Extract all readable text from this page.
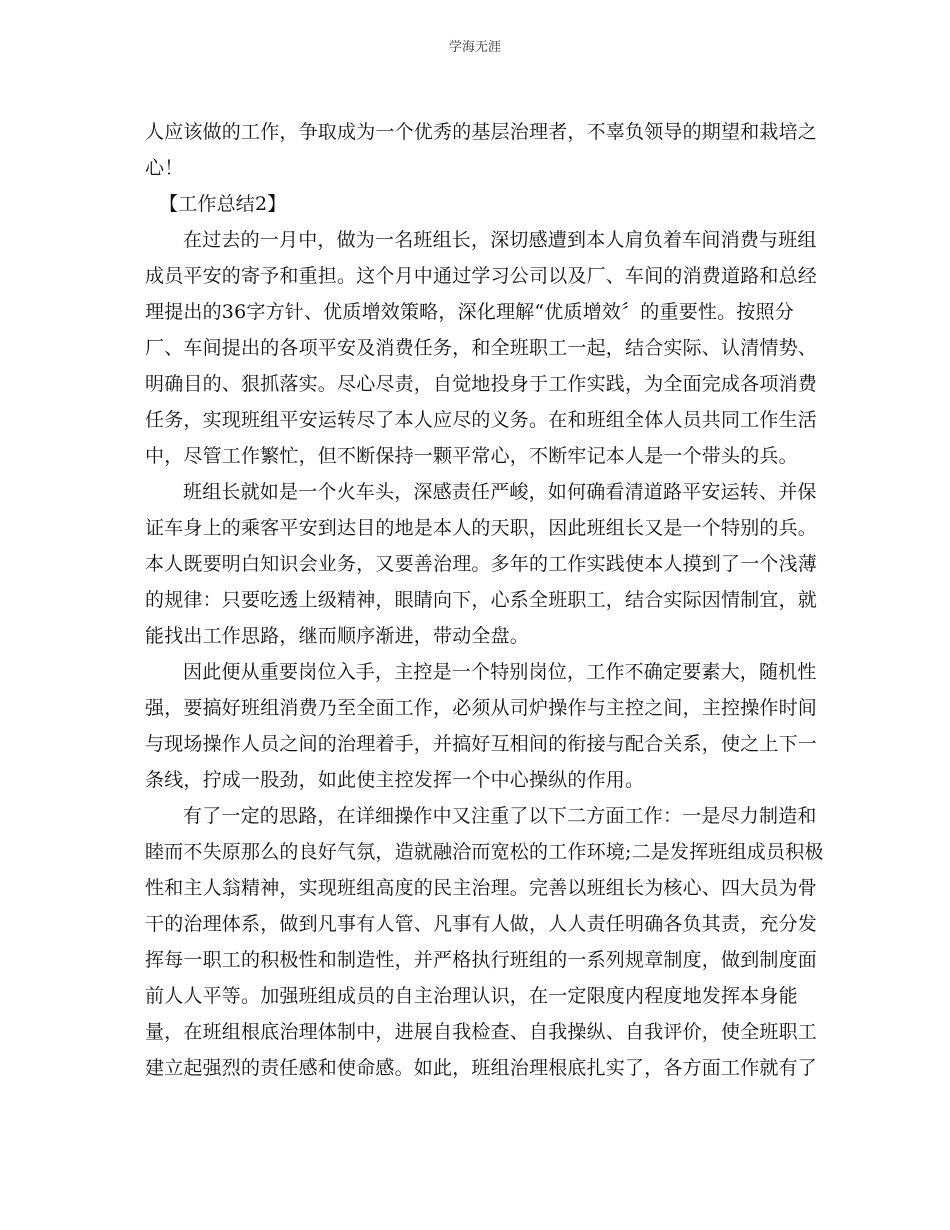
学海无涯
人应该做的工作，争取成为一个优秀的基层治理者，不辜负领导的期望和栽培之
心！
【工作总结2】
在过去的一月中，做为一名班组长，深切感遭到本人肩负着车间消费与班组
成员平安的寄予和重担。这个月中通过学习公司以及厂、车间的消费道路和总经
理提出的36字方针、优质增效策略，深化理解“优质增效〞的重要性。按照分
厂、车间提出的各项平安及消费任务，和全班职工一起，结合实际、认清情势、
明确目的、狠抓落实。尽心尽责，自觉地投身于工作实践，为全面完成各项消费
任务，实现班组平安运转尽了本人应尽的义务。在和班组全体人员共同工作生活
中，尽管工作繁忙，但不断保持一颗平常心，不断牢记本人是一个带头的兵。
班组长就如是一个火车头，深感责任严峻，如何确看清道路平安运转、并保
证车身上的乘客平安到达目的地是本人的天职，因此班组长又是一个特别的兵。
本人既要明白知识会业务，又要善治理。多年的工作实践使本人摸到了一个浅薄
的规律：只要吃透上级精神，眼睛向下，心系全班职工，结合实际因情制宜，就
能找出工作思路，继而顺序渐进，带动全盘。
因此便从重要岗位入手，主控是一个特别岗位，工作不确定要素大，随机性
强，要搞好班组消费乃至全面工作，必须从司炉操作与主控之间，主控操作时间
与现场操作人员之间的治理着手，并搞好互相间的衔接与配合关系，使之上下一
条线，拧成一股劲，如此使主控发挥一个中心操纵的作用。
有了一定的思路，在详细操作中又注重了以下二方面工作：一是尽力制造和
睦而不失原那么的良好气氛，造就融洽而宽松的工作环境;二是发挥班组成员积极
性和主人翁精神，实现班组高度的民主治理。完善以班组长为核心、四大员为骨
干的治理体系，做到凡事有人管、凡事有人做，人人责任明确各负其责，充分发
挥每一职工的积极性和制造性，并严格执行班组的一系列规章制度，做到制度面
前人人平等。加强班组成员的自主治理认识，在一定限度内程度地发挥本身能
量，在班组根底治理体制中，进展自我检查、自我操纵、自我评价，使全班职工
建立起强烈的责任感和使命感。如此，班组治理根底扎实了，各方面工作就有了
